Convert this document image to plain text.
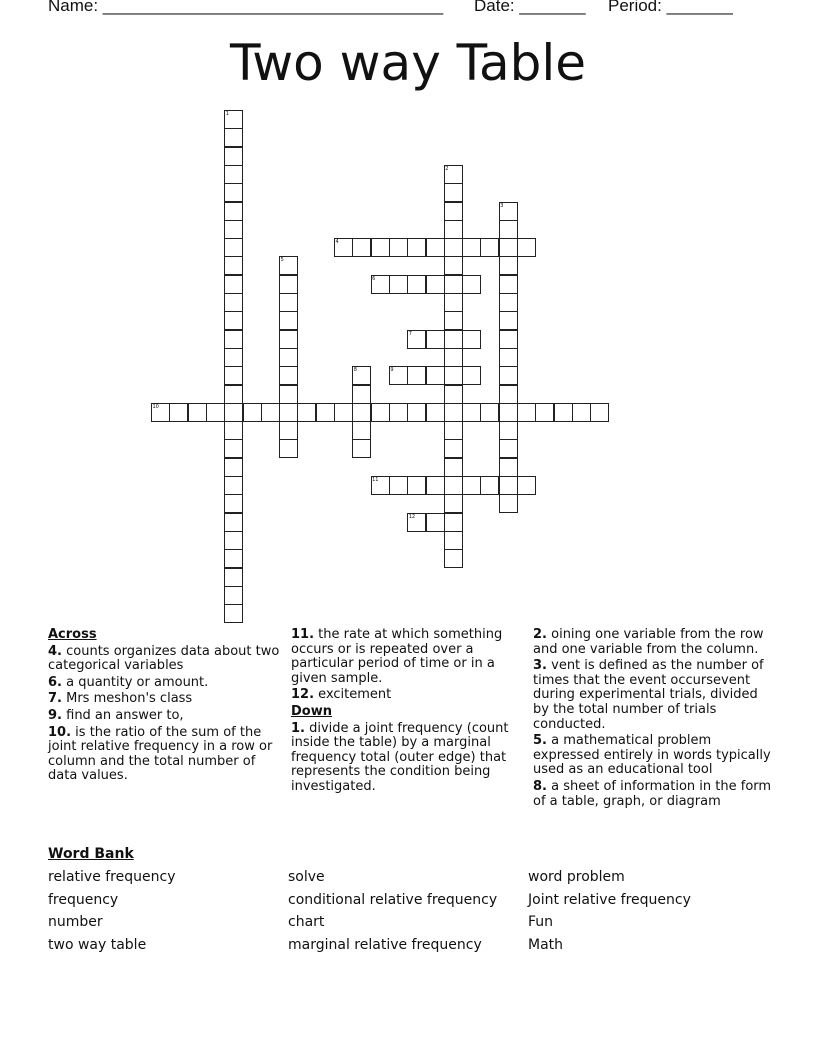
Name: ____________________________________ Date: _______ Period: _______
Two way Table
1
2
3
4
5
6
7
8	9
10
11
12
Across
4. counts organizes data about two categorical variables
6. a quantity or amount.
7. Mrs meshon's class
9. find an answer to,
10. is the ratio of the sum of the joint relative frequency in a row or column and the total number of data values.
11. the rate at which something occurs or is repeated over a particular period of time or in a given sample.
12. excitement
Down
1. divide a joint frequency (count inside the table) by a marginal frequency total (outer edge) that represents the condition being investigated.
2. oining one variable from the row and one variable from the column.
3. vent is defined as the number of times that the event occursevent during experimental trials, divided by the total number of trials conducted.
5. a mathematical problem expressed entirely in words typically used as an educational tool
8. a sheet of information in the form of a table, graph, or diagram
Word Bank
relative frequency
frequency
number
two way table
solve
conditional relative frequency
chart
marginal relative frequency
word problem
Joint relative frequency
Fun
Math
